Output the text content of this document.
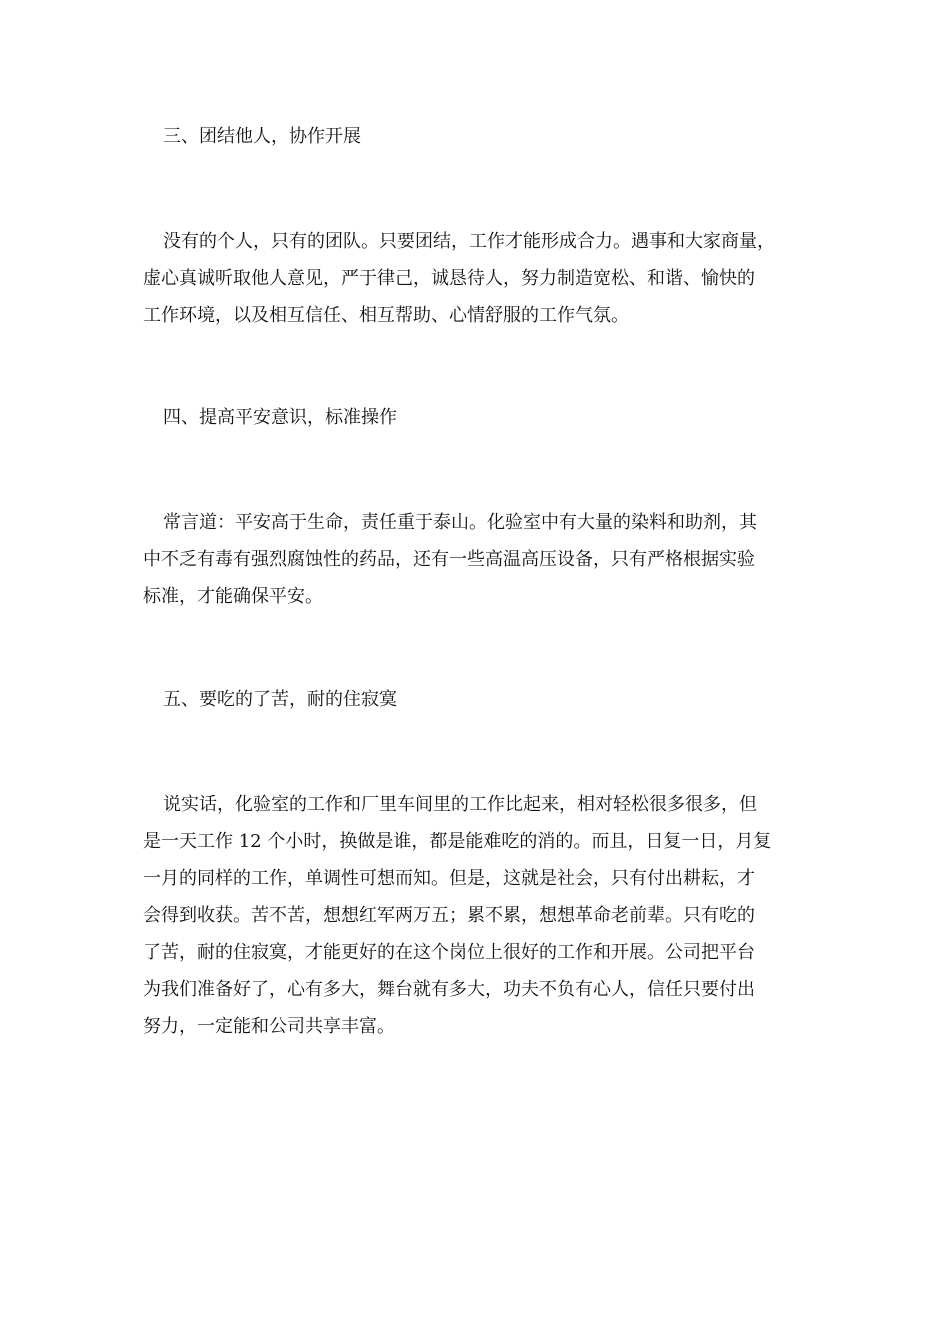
三、团结他人，协作开展
没有的个人，只有的团队。只要团结，工作才能形成合力。遇事和大家商量，
虚心真诚听取他人意见，严于律己，诚恳待人，努力制造宽松、和谐、愉快的
工作环境，以及相互信任、相互帮助、心情舒服的工作气氛。
四、提高平安意识，标准操作
常言道：平安高于生命，责任重于泰山。化验室中有大量的染料和助剂，其
中不乏有毒有强烈腐蚀性的药品，还有一些高温高压设备，只有严格根据实验
标准，才能确保平安。
五、要吃的了苦，耐的住寂寞
说实话，化验室的工作和厂里车间里的工作比起来，相对轻松很多很多，但
是一天工作 12 个小时，换做是谁，都是能难吃的消的。而且，日复一日，月复
一月的同样的工作，单调性可想而知。但是，这就是社会，只有付出耕耘，才
会得到收获。苦不苦，想想红军两万五；累不累，想想革命老前辈。只有吃的
了苦，耐的住寂寞，才能更好的在这个岗位上很好的工作和开展。公司把平台
为我们准备好了，心有多大，舞台就有多大，功夫不负有心人，信任只要付出
努力，一定能和公司共享丰富。
